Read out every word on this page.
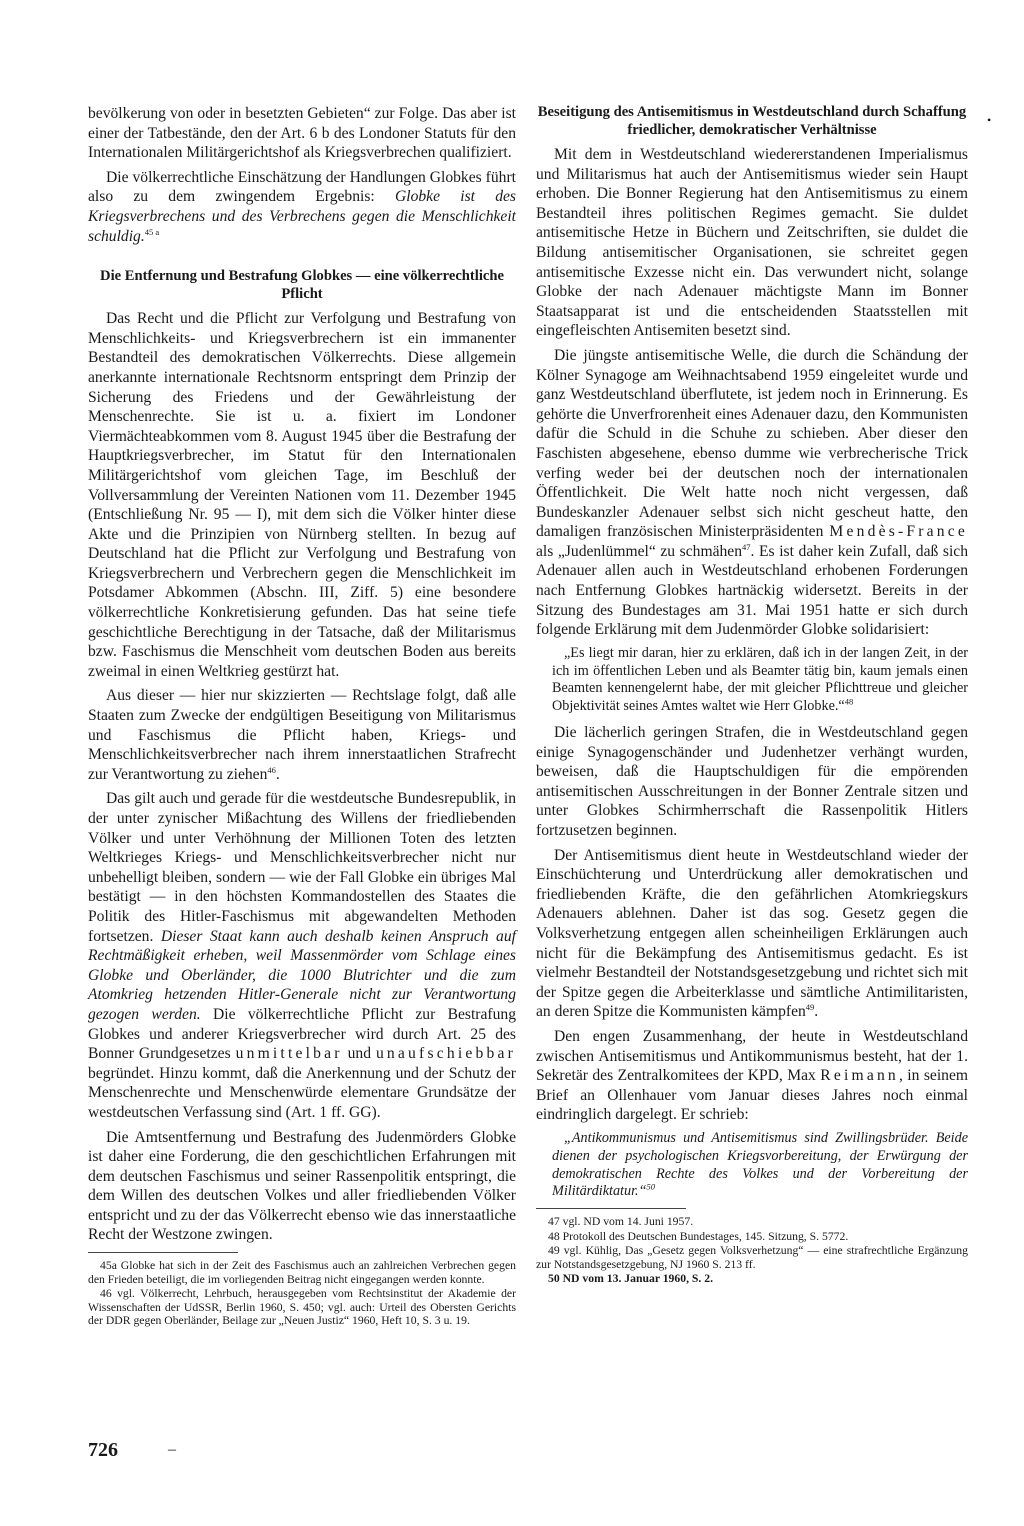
•

bevölkerung von oder in besetzten Gebieten“ zur Folge. Das aber ist einer der Tatbestände, den der Art. 6 b des Londoner Statuts für den Internationalen Militärgerichtshof als Kriegsverbrechen qualifiziert.

Die völkerrechtliche Einschätzung der Handlungen Globkes führt also zu dem zwingendem Ergebnis: Globke ist des Kriegsverbrechens und des Verbrechens gegen die Menschlichkeit schuldig.$^{45 a}$

Die Entfernung und Bestrafung Globkes — eine völkerrechtliche Pflicht

Das Recht und die Pflicht zur Verfolgung und Bestrafung von Menschlichkeits- und Kriegsverbrechern ist ein immanenter Bestandteil des demokratischen Völkerrechts. Diese allgemein anerkannte internationale Rechtsnorm entspringt dem Prinzip der Sicherung des Friedens und der Gewährleistung der Menschenrechte. Sie ist u. a. fixiert im Londoner Viermächteabkommen vom 8. August 1945 über die Bestrafung der Hauptkriegsverbrecher, im Statut für den Internationalen Militärgerichtshof vom gleichen Tage, im Beschluß der Vollversammlung der Vereinten Nationen vom 11. Dezember 1945 (Entschließung Nr. 95 — I), mit dem sich die Völker hinter diese Akte und die Prinzipien von Nürnberg stellten. In bezug auf Deutschland hat die Pflicht zur Verfolgung und Bestrafung von Kriegsverbrechern und Verbrechern gegen die Menschlichkeit im Potsdamer Abkommen (Abschn. III, Ziff. 5) eine besondere völkerrechtliche Konkretisierung gefunden. Das hat seine tiefe geschichtliche Berechtigung in der Tatsache, daß der Militarismus bzw. Faschismus die Menschheit vom deutschen Boden aus bereits zweimal in einen Weltkrieg gestürzt hat.

Aus dieser — hier nur skizzierten — Rechtslage folgt, daß alle Staaten zum Zwecke der endgültigen Beseitigung von Militarismus und Faschismus die Pflicht haben, Kriegs- und Menschlichkeitsverbrecher nach ihrem innerstaatlichen Strafrecht zur Verantwortung zu ziehen$^{46}$.

Das gilt auch und gerade für die westdeutsche Bundesrepublik, in der unter zynischer Mißachtung des Willens der friedliebenden Völker und unter Verhöhnung der Millionen Toten des letzten Weltkrieges Kriegs- und Menschlichkeitsverbrecher nicht nur unbehelligt bleiben, sondern — wie der Fall Globke ein übriges Mal bestätigt — in den höchsten Kommandostellen des Staates die Politik des Hitler-Faschismus mit abgewandelten Methoden fortsetzen. Dieser Staat kann auch deshalb keinen Anspruch auf Rechtmäßigkeit erheben, weil Massenmörder vom Schlage eines Globke und Oberländer, die 1000 Blutrichter und die zum Atomkrieg hetzenden Hitler-Generale nicht zur Verantwortung gezogen werden. Die völkerrechtliche Pflicht zur Bestrafung Globkes und anderer Kriegsverbrecher wird durch Art. 25 des Bonner Grundgesetzes unmittelbar und unaufschiebbar begründet. Hinzu kommt, daß die Anerkennung und der Schutz der Menschenrechte und Menschenwürde elementare Grundsätze der westdeutschen Verfassung sind (Art. 1 ff. GG).

Die Amtsentfernung und Bestrafung des Judenmörders Globke ist daher eine Forderung, die den geschichtlichen Erfahrungen mit dem deutschen Faschismus und seiner Rassenpolitik entspringt, die dem Willen des deutschen Volkes und aller friedliebenden Völker entspricht und zu der das Völkerrecht ebenso wie das innerstaatliche Recht der Westzone zwingen.

45a Globke hat sich in der Zeit des Faschismus auch an zahlreichen Verbrechen gegen den Frieden beteiligt, die im vorliegenden Beitrag nicht eingegangen werden konnte.
46 vgl. Völkerrecht, Lehrbuch, herausgegeben vom Rechtsinstitut der Akademie der Wissenschaften der UdSSR, Berlin 1960, S. 450; vgl. auch: Urteil des Obersten Gerichts der DDR gegen Oberländer, Beilage zur „Neuen Justiz“ 1960, Heft 10, S. 3 u. 19.
Beseitigung des Antisemitismus in Westdeutschland durch Schaffung friedlicher, demokratischer Verhältnisse

Mit dem in Westdeutschland wiedererstandenen Imperialismus und Militarismus hat auch der Antisemitismus wieder sein Haupt erhoben. Die Bonner Regierung hat den Antisemitismus zu einem Bestandteil ihres politischen Regimes gemacht. Sie duldet antisemitische Hetze in Büchern und Zeitschriften, sie duldet die Bildung antisemitischer Organisationen, sie schreitet gegen antisemitische Exzesse nicht ein. Das verwundert nicht, solange Globke der nach Adenauer mächtigste Mann im Bonner Staatsapparat ist und die entscheidenden Staatsstellen mit eingefleischten Antisemiten besetzt sind.

Die jüngste antisemitische Welle, die durch die Schändung der Kölner Synagoge am Weihnachtsabend 1959 eingeleitet wurde und ganz Westdeutschland überflutete, ist jedem noch in Erinnerung. Es gehörte die Unverfrorenheit eines Adenauer dazu, den Kommunisten dafür die Schuld in die Schuhe zu schieben. Aber dieser den Faschisten abgesehene, ebenso dumme wie verbrecherische Trick verfing weder bei der deutschen noch der internationalen Öffentlichkeit. Die Welt hatte noch nicht vergessen, daß Bundeskanzler Adenauer selbst sich nicht gescheut hatte, den damaligen französischen Ministerpräsidenten Mendès-France als „Judenlümmel“ zu schmähen$^{47}$. Es ist daher kein Zufall, daß sich Adenauer allen auch in Westdeutschland erhobenen Forderungen nach Entfernung Globkes hartnäckig widersetzt. Bereits in der Sitzung des Bundestages am 31. Mai 1951 hatte er sich durch folgende Erklärung mit dem Judenmörder Globke solidarisiert:

„Es liegt mir daran, hier zu erklären, daß ich in der langen Zeit, in der ich im öffentlichen Leben und als Beamter tätig bin, kaum jemals einen Beamten kennengelernt habe, der mit gleicher Pflichttreue und gleicher Objektivität seines Amtes waltet wie Herr Globke.“$^{48}$

Die lächerlich geringen Strafen, die in Westdeutschland gegen einige Synagogenschänder und Judenhetzer verhängt wurden, beweisen, daß die Hauptschuldigen für die empörenden antisemitischen Ausschreitungen in der Bonner Zentrale sitzen und unter Globkes Schirmherrschaft die Rassenpolitik Hitlers fortzusetzen beginnen.

Der Antisemitismus dient heute in Westdeutschland wieder der Einschüchterung und Unterdrückung aller demokratischen und friedliebenden Kräfte, die den gefährlichen Atomkriegskurs Adenauers ablehnen. Daher ist das sog. Gesetz gegen die Volksverhetzung entgegen allen scheinheiligen Erklärungen auch nicht für die Bekämpfung des Antisemitismus gedacht. Es ist vielmehr Bestandteil der Notstandsgesetzgebung und richtet sich mit der Spitze gegen die Arbeiterklasse und sämtliche Antimilitaristen, an deren Spitze die Kommunisten kämpfen$^{49}$.

Den engen Zusammenhang, der heute in Westdeutschland zwischen Antisemitismus und Antikommunismus besteht, hat der 1. Sekretär des Zentralkomitees der KPD, Max Reimann, in seinem Brief an Ollenhauer vom Januar dieses Jahres noch einmal eindringlich dargelegt. Er schrieb:

„Antikommunismus und Antisemitismus sind Zwillingsbrüder. Beide dienen der psychologischen Kriegsvorbereitung, der Erwürgung der demokratischen Rechte des Volkes und der Vorbereitung der Militärdiktatur.“$^{50}$

47 vgl. ND vom 14. Juni 1957.
48 Protokoll des Deutschen Bundestages, 145. Sitzung, S. 5772.
49 vgl. Kühlig, Das „Gesetz gegen Volksverhetzung“ — eine strafrechtliche Ergänzung zur Notstandsgesetzgebung, NJ 1960 S. 213 ff.
50 ND vom 13. Januar 1960, S. 2.
726	–
